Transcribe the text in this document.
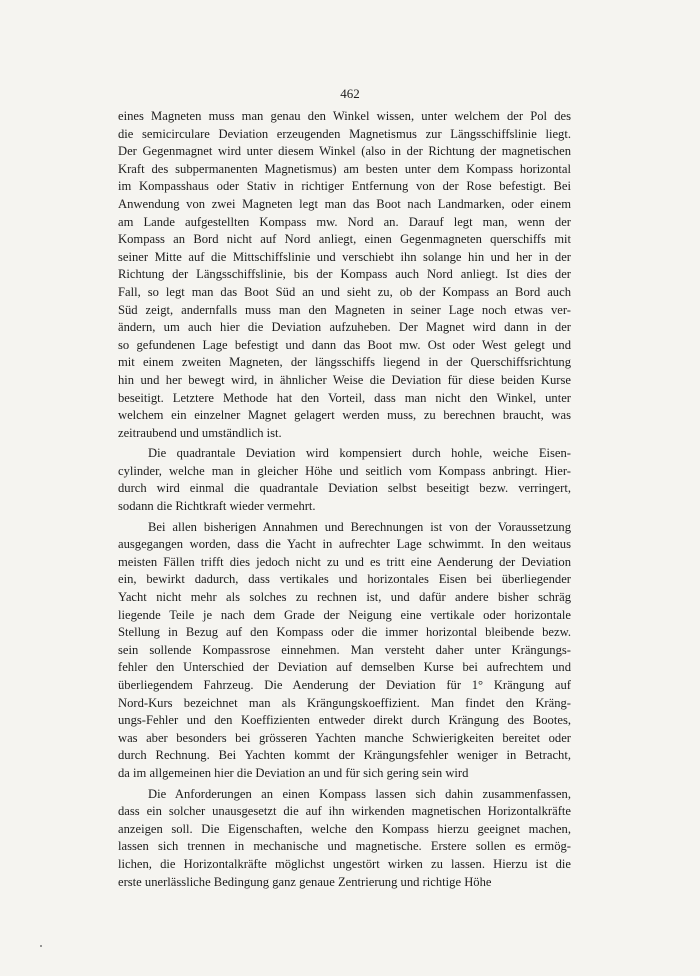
462
eines Magneten muss man genau den Winkel wissen, unter welchem der Pol des
die semicirculare Deviation erzeugenden Magnetismus zur Längsschiffslinie liegt.
Der Gegenmagnet wird unter diesem Winkel (also in der Richtung der magnetischen
Kraft des subpermanenten Magnetismus) am besten unter dem Kompass horizontal
im Kompasshaus oder Stativ in richtiger Entfernung von der Rose befestigt. Bei
Anwendung von zwei Magneten legt man das Boot nach Landmarken, oder einem
am Lande aufgestellten Kompass mw. Nord an. Darauf legt man, wenn der
Kompass an Bord nicht auf Nord anliegt, einen Gegenmagneten querschiffs mit
seiner Mitte auf die Mittschiffslinie und verschiebt ihn solange hin und her in der
Richtung der Längsschiffslinie, bis der Kompass auch Nord anliegt. Ist dies der
Fall, so legt man das Boot Süd an und sieht zu, ob der Kompass an Bord auch
Süd zeigt, andernfalls muss man den Magneten in seiner Lage noch etwas ver-
ändern, um auch hier die Deviation aufzuheben. Der Magnet wird dann in der
so gefundenen Lage befestigt und dann das Boot mw. Ost oder West gelegt und
mit einem zweiten Magneten, der längsschiffs liegend in der Querschiffsrichtung
hin und her bewegt wird, in ähnlicher Weise die Deviation für diese beiden Kurse
beseitigt. Letztere Methode hat den Vorteil, dass man nicht den Winkel, unter
welchem ein einzelner Magnet gelagert werden muss, zu berechnen braucht, was
zeitraubend und umständlich ist.
Die quadrantale Deviation wird kompensiert durch hohle, weiche Eisen-
cylinder, welche man in gleicher Höhe und seitlich vom Kompass anbringt. Hier-
durch wird einmal die quadrantale Deviation selbst beseitigt bezw. verringert,
sodann die Richtkraft wieder vermehrt.
Bei allen bisherigen Annahmen und Berechnungen ist von der Voraussetzung
ausgegangen worden, dass die Yacht in aufrechter Lage schwimmt. In den weitaus
meisten Fällen trifft dies jedoch nicht zu und es tritt eine Aenderung der Deviation
ein, bewirkt dadurch, dass vertikales und horizontales Eisen bei überliegender
Yacht nicht mehr als solches zu rechnen ist, und dafür andere bisher schräg
liegende Teile je nach dem Grade der Neigung eine vertikale oder horizontale
Stellung in Bezug auf den Kompass oder die immer horizontal bleibende bezw.
sein sollende Kompassrose einnehmen. Man versteht daher unter Krängungs-
fehler den Unterschied der Deviation auf demselben Kurse bei aufrechtem und
überliegendem Fahrzeug. Die Aenderung der Deviation für 1° Krängung auf
Nord-Kurs bezeichnet man als Krängungskoeffizient. Man findet den Kräng-
ungs-Fehler und den Koeffizienten entweder direkt durch Krängung des Bootes,
was aber besonders bei grösseren Yachten manche Schwierigkeiten bereitet oder
durch Rechnung. Bei Yachten kommt der Krängungsfehler weniger in Betracht,
da im allgemeinen hier die Deviation an und für sich gering sein wird
Die Anforderungen an einen Kompass lassen sich dahin zusammenfassen,
dass ein solcher unausgesetzt die auf ihn wirkenden magnetischen Horizontalkräfte
anzeigen soll. Die Eigenschaften, welche den Kompass hierzu geeignet machen,
lassen sich trennen in mechanische und magnetische. Erstere sollen es ermög-
lichen, die Horizontalkräfte möglichst ungestört wirken zu lassen. Hierzu ist die
erste unerlässliche Bedingung ganz genaue Zentrierung und richtige Höhe
